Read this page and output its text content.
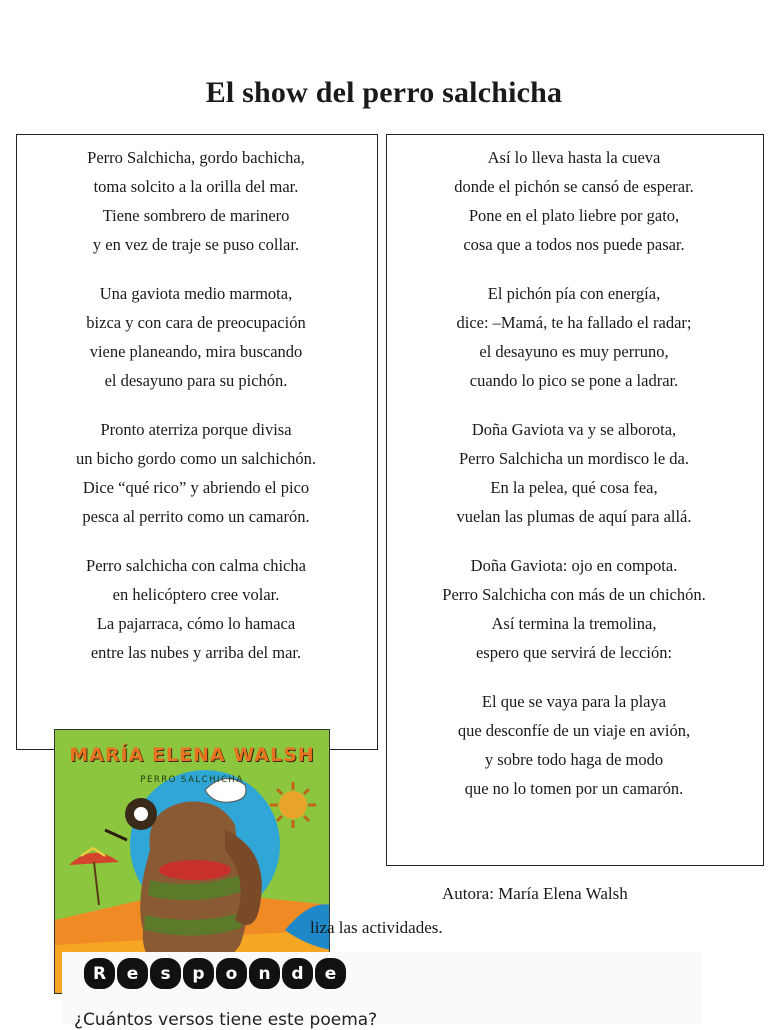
El show del perro salchicha

Perro Salchicha, gordo bachicha,
toma solcito a la orilla del mar.
Tiene sombrero de marinero
y en vez de traje se puso collar.

Una gaviota medio marmota,
bizca y con cara de preocupación
viene planeando, mira buscando
el desayuno para su pichón.

Pronto aterriza porque divisa
un bicho gordo como un salchichón.
Dice “qué rico” y abriendo el pico
pesca al perrito como un camarón.

Perro salchicha con calma chicha
en helicóptero cree volar.
La pajarraca, cómo lo hamaca
entre las nubes y arriba del mar.

Así lo lleva hasta la cueva
donde el pichón se cansó de esperar.
Pone en el plato liebre por gato,
cosa que a todos nos puede pasar.

El pichón pía con energía,
dice: –Mamá, te ha fallado el radar;
el desayuno es muy perruno,
cuando lo pico se pone a ladrar.

Doña Gaviota va y se alborota,
Perro Salchicha un mordisco le da.
En la pelea, qué cosa fea,
vuelan las plumas de aquí para allá.

Doña Gaviota: ojo en compota.
Perro Salchicha con más de un chichón.
Así termina la tremolina,
espero que servirá de lección:

El que se vaya para la playa
que desconfíe de un viaje en avión,
y sobre todo haga de modo
que no lo tomen por un camarón.

MARÍA ELENA WALSH
PERRO SALCHICHA
Autora: María Elena Walsh
liza las actividades.
R	e	s	p	o	n	d	e
¿Cuántos versos tiene este poema?
